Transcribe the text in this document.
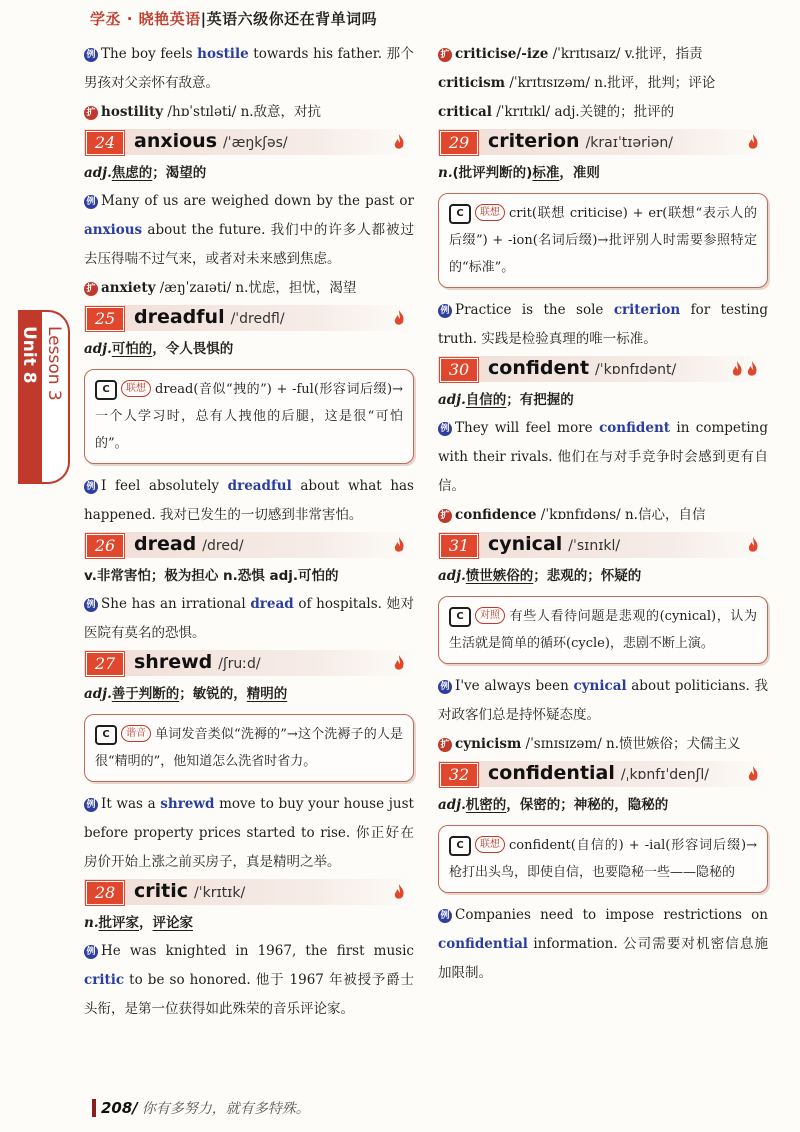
学丞 · 晓艳英语|英语六级你还在背单词吗
Unit 8 Lesson 3

例 The boy feels hostile towards his father. 那个男孩对父亲怀有敌意。

扩 hostility /hɒˈstɪləti/ n.敌意，对抗

24 anxious /ˈæŋkʃəs/

adj.焦虑的；渴望的

例 Many of us are weighed down by the past or anxious about the future. 我们中的许多人都被过去压得喘不过气来，或者对未来感到焦虑。

扩 anxiety /æŋˈzaɪəti/ n.忧虑，担忧，渴望

25 dreadful /ˈdredfl/

adj.可怕的，令人畏惧的

C 联想 dread(音似“拽的”) + -ful(形容词后缀)→一个人学习时，总有人拽他的后腿，这是很“可怕的”。

例 I feel absolutely dreadful about what has happened. 我对已发生的一切感到非常害怕。

26 dread /dred/

v.非常害怕；极为担心 n.恐惧 adj.可怕的

例 She has an irrational dread of hospitals. 她对医院有莫名的恐惧。

27 shrewd /ʃruːd/

adj.善于判断的；敏锐的，精明的

C 谐音 单词发音类似“洗褥的”→这个洗褥子的人是很“精明的”，他知道怎么洗省时省力。

例 It was a shrewd move to buy your house just before property prices started to rise. 你正好在房价开始上涨之前买房子，真是精明之举。

28 critic /ˈkrɪtɪk/

n.批评家，评论家

例 He was knighted in 1967, the first music critic to be so honored. 他于 1967 年被授予爵士头衔，是第一位获得如此殊荣的音乐评论家。

扩 criticise/-ize /ˈkrɪtɪsaɪz/ v.批评，指责

criticism /ˈkrɪtɪsɪzəm/ n.批评，批判；评论

critical /ˈkrɪtɪkl/ adj.关键的；批评的

29 criterion /kraɪˈtɪəriən/

n.(批评判断的)标准，准则

C 联想 crit(联想 criticise) + er(联想“表示人的后缀”) + -ion(名词后缀)→批评别人时需要参照特定的“标准”。

例 Practice is the sole criterion for testing truth. 实践是检验真理的唯一标准。

30 confident /ˈkɒnfɪdənt/

adj.自信的；有把握的

例 They will feel more confident in competing with their rivals. 他们在与对手竞争时会感到更有自信。

扩 confidence /ˈkɒnfɪdəns/ n.信心，自信

31 cynical /ˈsɪnɪkl/

adj.愤世嫉俗的；悲观的；怀疑的

C 对照 有些人看待问题是悲观的(cynical)，认为生活就是简单的循环(cycle)，悲剧不断上演。

例 I've always been cynical about politicians. 我对政客们总是持怀疑态度。

扩 cynicism /ˈsɪnɪsɪzəm/ n.愤世嫉俗；犬儒主义

32 confidential /ˌkɒnfɪˈdenʃl/

adj.机密的，保密的；神秘的，隐秘的

C 联想 confident(自信的) + -ial(形容词后缀)→枪打出头鸟，即使自信，也要隐秘一些——隐秘的

例 Companies need to impose restrictions on confidential information. 公司需要对机密信息施加限制。

208/ 你有多努力，就有多特殊。
